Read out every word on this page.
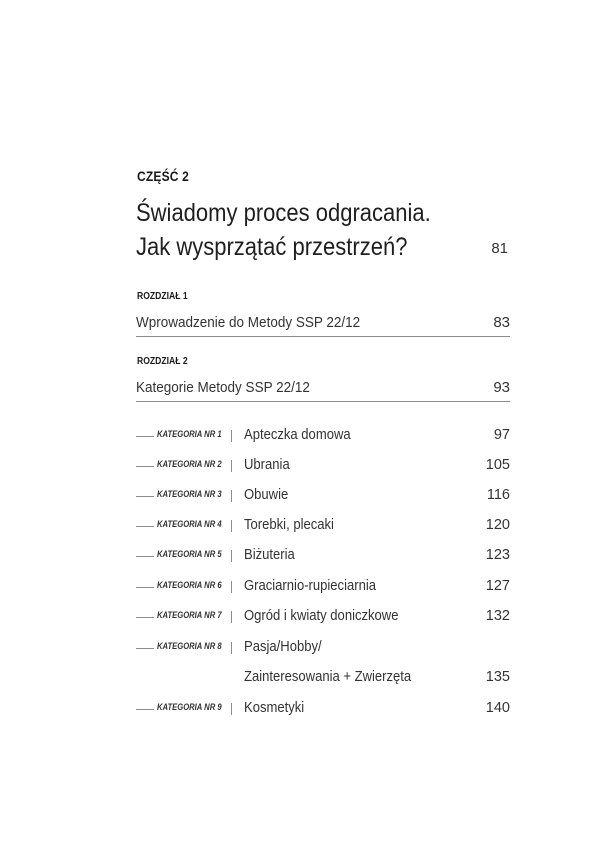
CZĘŚĆ 2
Świadomy proces odgracania.
Jak wysprzątać przestrzeń?	81
ROZDZIAŁ 1
Wprowadzenie do Metody SSP 22/12	83
ROZDZIAŁ 2
Kategorie Metody SSP 22/12	93
KATEGORIA NR 1 Apteczka domowa	97
KATEGORIA NR 2 Ubrania	105
KATEGORIA NR 3 Obuwie	116
KATEGORIA NR 4 Torebki, plecaki	120
KATEGORIA NR 5 Biżuteria	123
KATEGORIA NR 6 Graciarnio-rupieciarnia	127
KATEGORIA NR 7 Ogród i kwiaty doniczkowe	132
KATEGORIA NR 8 Pasja/Hobby/
Zainteresowania + Zwierzęta	135
KATEGORIA NR 9 Kosmetyki	140
